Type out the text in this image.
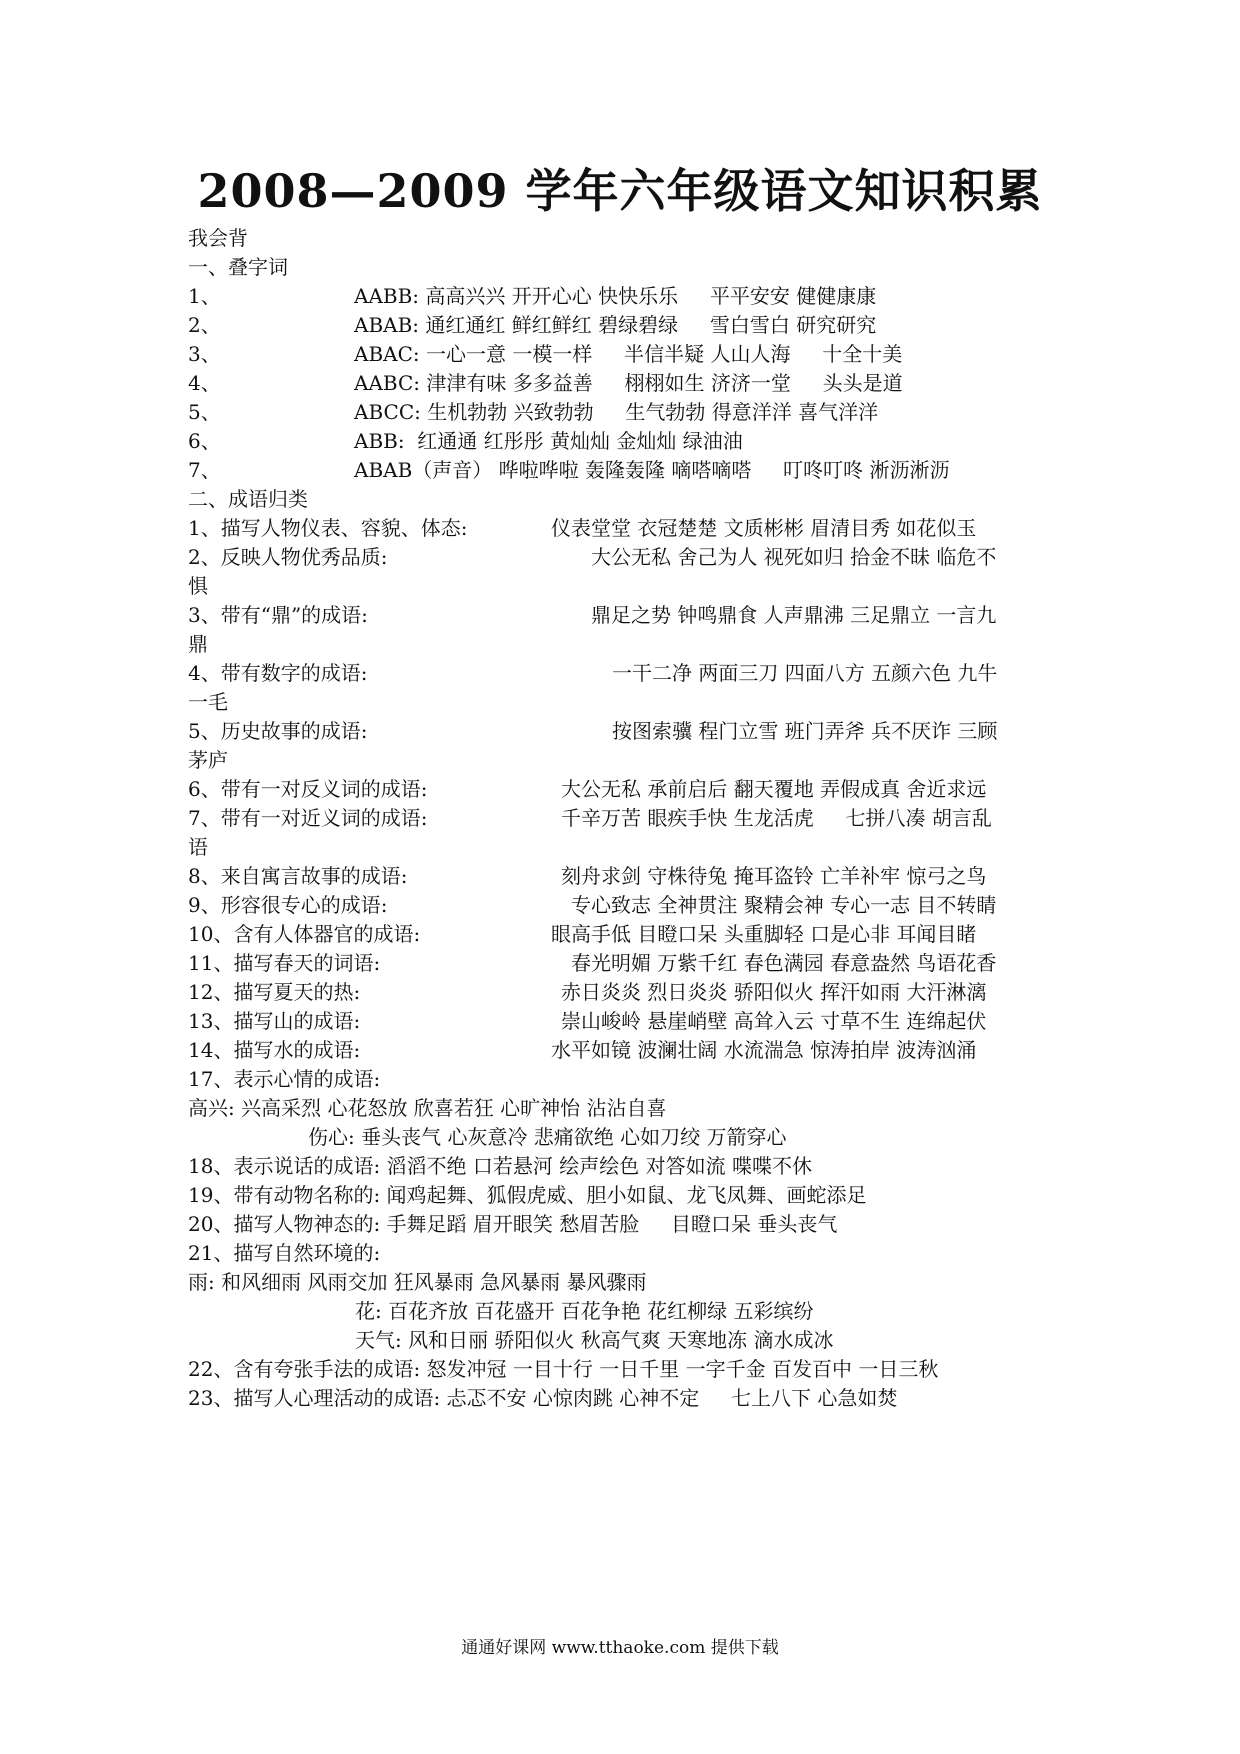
2008—2009 学年六年级语文知识积累
我会背
一、叠字词
1、	AABB: 高高兴兴 开开心心 快快乐乐     平平安安 健健康康
2、	ABAB: 通红通红 鲜红鲜红 碧绿碧绿     雪白雪白 研究研究
3、	ABAC: 一心一意 一模一样     半信半疑 人山人海     十全十美
4、	AABC: 津津有味 多多益善     栩栩如生 济济一堂     头头是道
5、	ABCC: 生机勃勃 兴致勃勃     生气勃勃 得意洋洋 喜气洋洋
6、	ABB:  红通通 红彤彤 黄灿灿 金灿灿 绿油油
7、	ABAB（声音） 哗啦哗啦 轰隆轰隆 嘀嗒嘀嗒     叮咚叮咚 淅沥淅沥
二、成语归类
1、描写人物仪表、容貌、体态:	仪表堂堂 衣冠楚楚 文质彬彬 眉清目秀 如花似玉
2、反映人物优秀品质:	大公无私 舍己为人 视死如归 拾金不昧 临危不
惧
3、带有“鼎”的成语:	鼎足之势 钟鸣鼎食 人声鼎沸 三足鼎立 一言九
鼎
4、带有数字的成语:	一干二净 两面三刀 四面八方 五颜六色 九牛
一毛
5、历史故事的成语:	按图索骥 程门立雪 班门弄斧 兵不厌诈 三顾
茅庐
6、带有一对反义词的成语:	大公无私 承前启后 翻天覆地 弄假成真 舍近求远
7、带有一对近义词的成语:	千辛万苦 眼疾手快 生龙活虎     七拼八凑 胡言乱
语
8、来自寓言故事的成语:	刻舟求剑 守株待兔 掩耳盗铃 亡羊补牢 惊弓之鸟
9、形容很专心的成语:	专心致志 全神贯注 聚精会神 专心一志 目不转睛
10、含有人体器官的成语:	眼高手低 目瞪口呆 头重脚轻 口是心非 耳闻目睹
11、描写春天的词语:	春光明媚 万紫千红 春色满园 春意盎然 鸟语花香
12、描写夏天的热:	赤日炎炎 烈日炎炎 骄阳似火 挥汗如雨 大汗淋漓
13、描写山的成语:	崇山峻岭 悬崖峭壁 高耸入云 寸草不生 连绵起伏
14、描写水的成语:	水平如镜 波澜壮阔 水流湍急 惊涛拍岸 波涛汹涌
17、表示心情的成语:
高兴: 兴高采烈 心花怒放 欣喜若狂 心旷神怡 沾沾自喜
伤心: 垂头丧气 心灰意冷 悲痛欲绝 心如刀绞 万箭穿心
18、表示说话的成语: 滔滔不绝 口若悬河 绘声绘色 对答如流 喋喋不休
19、带有动物名称的: 闻鸡起舞、狐假虎威、胆小如鼠、龙飞凤舞、画蛇添足
20、描写人物神态的: 手舞足蹈 眉开眼笑 愁眉苦脸     目瞪口呆 垂头丧气
21、描写自然环境的:
雨: 和风细雨 风雨交加 狂风暴雨 急风暴雨 暴风骤雨
花: 百花齐放 百花盛开 百花争艳 花红柳绿 五彩缤纷
天气: 风和日丽 骄阳似火 秋高气爽 天寒地冻 滴水成冰
22、含有夸张手法的成语: 怒发冲冠 一目十行 一日千里 一字千金 百发百中 一日三秋
23、描写人心理活动的成语: 忐忑不安 心惊肉跳 心神不定     七上八下 心急如焚
通通好课网 www.tthaoke.com 提供下载
